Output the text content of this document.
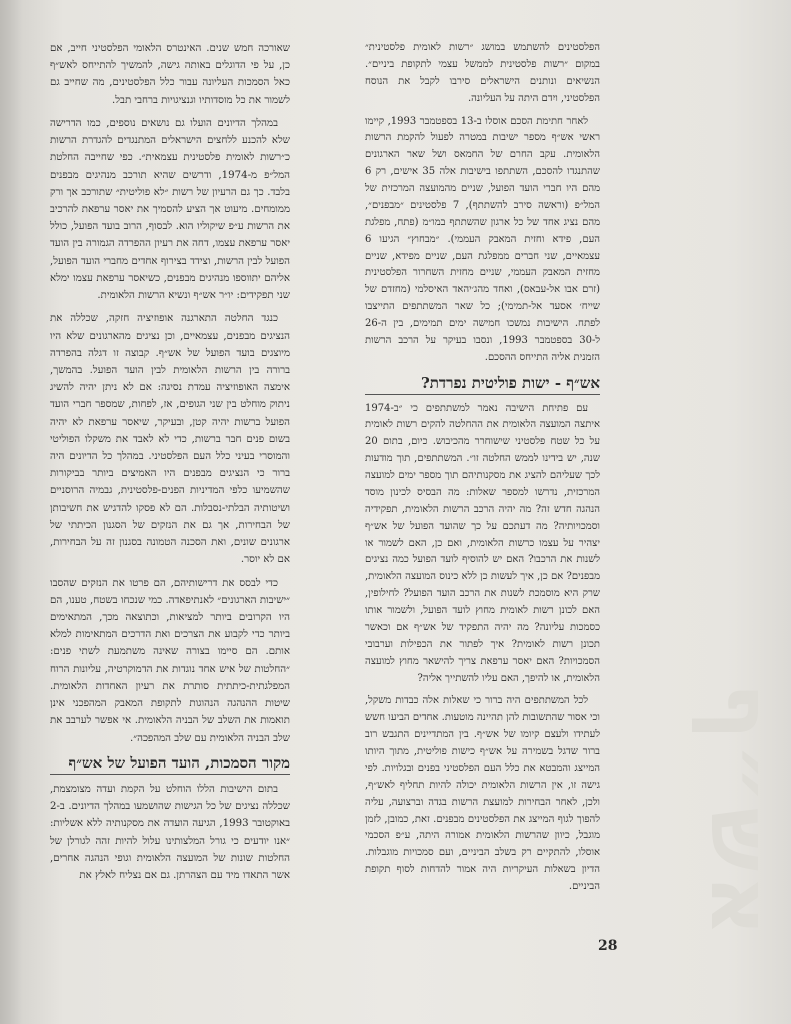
אש״ף

הפלסטינים להשתמש במושג ״רשות לאומית פלסטינית״ במקום ״רשות פלסטינית לממשל עצמי לתקופת ביניים״. הנשיאים ונותנים הישראלים סירבו לקבל את הנוסח הפלסטיני, ויִדם היתה על העליונה.

לאחר חתימת הסכם אוסלו ב-13 בספטמבר 1993, קיימו ראשי אש״ף מספר ישיבות במטרה לפעול להקמת הרשות הלאומית. עקב החרם של החמאס ושל שאר הארגונים שהתנגדו להסכם, השתתפו בישיבות אלה 35 אישים, רק 6 מהם היו חברי הועד הפועל, שניים מהמועצה המרכזית של המל״פ (וראשה סירב להשתתף), 7 פלסטינים ״מבפנים״, מהם נציג אחד של כל ארגון שהשתתף במו״מ (פתח, מפלגת העם, פידא וחזית המאבק העממי). ״מבחוץ״ הגיעו 6 עצמאיים, שני חברים ממפלגת העם, שניים מפידא, שניים מחזית המאבק העממי, שניים מחזית השחרור הפלסטינית (זרם אבו אל-עבאס), ואחד מהג׳יהאד האיסלמי (מחזדם של שייח׳ אסעד אל-תמימי); כל שאר המשתתפים התייצבו לפתח. הישיבות נמשכו חמישה ימים תמימים, בין ה-26 ל-30 בספטמבר 1993, ונסבו בעיקר על הרכב הרשות הזמנית אליה התייחס ההסכם.

אש״ף - ישות פוליטית נפרדת?

עם פתיחת הישיבה נאמר למשתתפים כי ״ב-1974 איתצה המועצה הלאומית את ההחלטה להקים רשות לאומית על כל שטח פלסטיני שישוחרר מהכיבוש. כיום, בתום 20 שנה, יש בידינו לממש החלטה זו״. המשתתפים, תוך מודעות לכך שעליהם להציג את מסקנותיהם תוך מספר ימים למועצה המרכזית, נדרשו למספר שאלות: מה הבסיס לכינון מוסד הנהגה חדש זה? מה יהיה הרכב הרשות הלאומית, תפקידיה וסמכויותיה? מה דעתכם על כך שהועד הפועל של אש״ף יצהיר על עצמו כרשות הלאומית, ואם כן, האם לשמור או לשנות את הרכבו? האם יש להוסיף לועד הפועל כמה נציגים מבפנים? אם כן, איך לעשות כן ללא כינוס המועצה הלאומית, שרק היא מוסמכת לשנות את הרכב הועד הפועל? לחילופין, האם לכונן רשות לאומית מחוץ לועד הפועל, ולשמור אותו כסמכות עליונה? מה יהיה התפקיד של אש״ף אם וכאשר תכונן רשות לאומית? איך לפתור את הכפילות וערבובי הסמכויות? האם יאסר ערפאת צריך להישאר מחוץ למועצה הלאומית, או להיפך, האם עליו להשתייך אליה?

לכל המשתתפים היה ברור כי שאלות אלה כבדות משקל, וכי אסור שהתשובות להן תהיינה מוטעות. אחדים הביעו חשש לעתידו ולעצם קיומו של אש״ף. בין המתדיינים התגבש רוב ברור שדגל בשמירה על אש״ף כישות פוליטית, מתוך היותו המייצג והמבטא את כלל העם הפלסטיני בפנים ובגלויות. לפי גישה זו, אין הרשות הלאומית יכולה להיות תחליף לאש״ף, ולכן, לאחר הבחירות למועצת הרשות בגדה וברצועה, עליה להפוך לגוף המייצג את הפלסטינים מבפנים. זאת, כמובן, לזמן מוגבל, כיוון שהרשות הלאומית אמורה היתה, ע״פ הסכמי אוסלו, להתקיים רק בשלב הביניים, ועם סמכויות מוגבלות. הדיון בשאלות העיקריות היה אמור להדחות לסוף תקופת הביניים.

שאורכה חמש שנים. האינטרס הלאומי הפלסטיני חייב, אם כן, על פי הדוגלים באותה גישה, להמשיך להתייחס לאש״ף כאל הסמכות העליונה עבור כלל הפלסטינים, מה שחייב גם לשמור את כל מוסדותיו וגנציגויות ברחבי תבל.

במהלך הדיונים הועלו גם נושאים נוספים, כמו הדרישה שלא להכנע ללחצים הישראלים המתנגדים להגדרת הרשות כ״רשות לאומית פלסטינית עצמאית״. כפי שחייבה החלטת המל״פ מ-1974, ודרשים שהיא תורכב מנהיגים מבפנים בלבד. כך גם הרעיון של רשות ״לא פוליטית״ שתורכב אך ורק ממומחים. מיעוט אך הציע להסמיך את יאסר ערפאת להרכיב את הרשות ע״פ שיקוליו הוא. לבסוף, הרוב בועד הפועל, כולל יאסר ערפאת עצמו, דחה את רעיון ההפרדה הגמורה בין הועד הפועל לבין הרשות, וצידד בצירוף אחדים מחברי הועד הפועל, אליהם יתווספו מנהיגים מבפנים, כשיאסר ערפאת עצמו ימלא שני תפקידים: יו״ר אש״ף ונשיא הרשות הלאומית.

כנגד החלטה התארגנה אופוזיציה חזקה, שכללה את הנציגים מבפנים, עצמאיים, וכן נציגים מהארגונים שלא היו מיוצגים בועד הפועל של אש״ף. קבוצה זו דגלה בהפרדה ברורה בין הרשות הלאומית לבין הועד הפועל. בהמשך, אימצה האופוזיציה עמדת נסיגה: אם לא ניתן יהיה להשיג ניתוק מוחלט בין שני הגופים, אז, לפחות, שמספר חברי הועד הפועל ברשות יהיה קטן, ובעיקר, שיאסר ערפאת לא יהיה בשום פנים חבר ברשות, כדי לא לאבד את משקלו הפוליטי והמוסרי בעיני כלל העם הפלסטיני. במהלך כל הדיונים היה ברור כי הנציגים מבפנים היו האמיצים ביותר בביקורות שהשמיעו כלפי המדיניות הפנים-פלסטינית, גבמיה הרוסניים ושיטותיה הבלתי-נסבלות. הם לא פסקו להדגיש את חשיבותן של הבחירות, אך גם את הנזקים של הסגנון הכיתתי של ארגונים שונים, ואת הסכנה הטמונה בסגנון זה על הבחירות, אם לא יוסר.

כדי לבסס את דרישותיהם, הם פרטו את הנזקים שהסבו ״ישיבות הארגונים״ לאנתיפאדה. כמי שנכחו בשטח, טענו, הם היו הקרובים ביותר למציאות, וכתוצאה מכך, המתאימים ביותר כדי לקבוע את הצרכים ואת הדרכים המתאימות למלא אותם. הם סיימו בצורה שאינה משתמעת לשתי פנים: ״החלטות של איש אחד נוגדות את הדמוקרטיה, עליונות הרוח המפלגתית-כיתתית סותרת את רעיון האחדות הלאומית. שיטות ההנהגה הנהוגות לתקופת המאבק המהפכני אינן תואמות את השלב של הבניה הלאומית. אי אפשר לערבב את שלב הבניה הלאומית עם שלב המהפכה״.

מקור הסמכות, הועד הפועל של אש״ף

בתום הישיבות הללו הוחלט על הקמת ועדה מצומצמת, שכללה נציגים של כל הגישות שהושמעו במהלך הדיונים. ב-2 באוקטובר 1993, הגיעה הועדה את מסקנותיה ללא אשליות: ״אנו יודעים כי גורל המלצותינו עלול להיות זהה לגורלן של החלטות שונות של המועצה הלאומית וגופי הנהגה אחרים, אשר התאדו מיד עם הצהרתן. גם אם נצליח לאלץ את

28
